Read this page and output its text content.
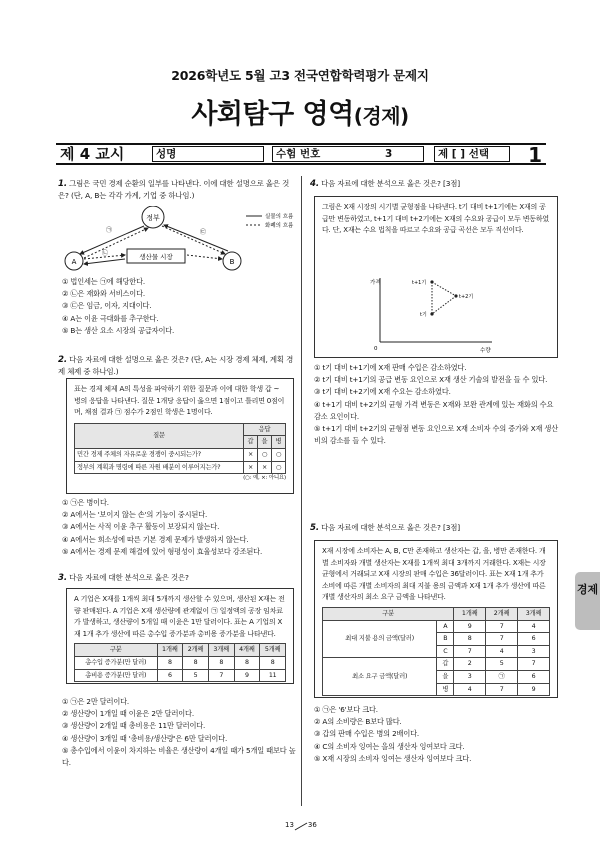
2026학년도 5월 고3 전국연합학력평가 문제지
사회탐구 영역(경제)
제 4 교시	성명	수험 번호	3	제 [ ] 선택	1
1. 그림은 국민 경제 순환의 일부를 나타낸다. 이에 대한 설명으로 옳은 것은? (단, A, B는 각각 가계, 기업 중 하나임.)
정부
A	B
생산물 시장
㉠
㉡
㉢
실물의 흐름
화폐의 흐름
① 법인세는 ㉠에 해당한다.
② ㉡은 재화와 서비스이다.
③ ㉢은 임금, 이자, 지대이다.
④ A는 이윤 극대화를 추구한다.
⑤ B는 생산 요소 시장의 공급자이다.
2. 다음 자료에 대한 설명으로 옳은 것은? (단, A는 시장 경제 체제, 계획 경제 체제 중 하나임.)
표는 경제 체제 A의 특성을 파악하기 위한 질문과 이에 대한 학생 갑 ~ 병의 응답을 나타낸다. 질문 1개당 응답이 옳으면 1점이고 틀리면 0점이며, 채점 결과 ㉠ 점수가 2점인 학생은 1명이다.
질문	응답		
	갑	을	병
민간 경제 주체의 자유로운 경쟁이 중시되는가?	×	○	○
정부의 계획과 명령에 따른 자원 배분이 이루어지는가?	×	×	○
(○: 예, ×: 아니요)
① ㉠은 병이다.
② A에서는 '보이지 않는 손'의 기능이 중시된다.
③ A에서는 사적 이윤 추구 활동이 보장되지 않는다.
④ A에서는 희소성에 따른 기본 경제 문제가 발생하지 않는다.
⑤ A에서는 경제 문제 해결에 있어 형평성이 효율성보다 강조된다.
3. 다음 자료에 대한 분석으로 옳은 것은?
A 기업은 X재를 1개씩 최대 5개까지 생산할 수 있으며, 생산된 X재는 전량 판매된다. A 기업은 X재 생산량에 관계없이 ㉠ 일정액의 공장 임차료가 발생하고, 생산량이 5개일 때 이윤은 1만 달러이다. 표는 A 기업의 X재 1개 추가 생산에 따른 총수입 증가분과 총비용 증가분을 나타낸다.
구분	1개째	2개째	3개째	4개째	5개째
총수입 증가분(만 달러)	8	8	8	8	8
총비용 증가분(만 달러)	6	5	7	9	11
① ㉠은 2만 달러이다.
② 생산량이 1개일 때 이윤은 2만 달러이다.
③ 생산량이 2개일 때 총비용은 11만 달러이다.
④ 생산량이 3개일 때 '총비용/생산량'은 6만 달러이다.
⑤ 총수입에서 이윤이 차지하는 비율은 생산량이 4개일 때가 5개일 때보다 높다.
4. 다음 자료에 대한 분석으로 옳은 것은? [3점]
그림은 X재 시장의 시기별 균형점을 나타낸다. t기 대비 t+1기에는 X재의 공급만 변동하였고, t+1기 대비 t+2기에는 X재의 수요와 공급이 모두 변동하였다. 단, X재는 수요 법칙을 따르고 수요와 공급 곡선은 모두 직선이다.
가격
수량
0
t+1기
t+2기
t기
① t기 대비 t+1기에 X재 판매 수입은 감소하였다.
② t기 대비 t+1기의 공급 변동 요인으로 X재 생산 기술의 발전을 들 수 있다.
③ t기 대비 t+2기에 X재 수요는 감소하였다.
④ t+1기 대비 t+2기의 균형 가격 변동은 X재와 보완 관계에 있는 재화의 수요 감소 요인이다.
⑤ t+1기 대비 t+2기의 균형점 변동 요인으로 X재 소비자 수의 증가와 X재 생산비의 감소를 들 수 있다.
5. 다음 자료에 대한 분석으로 옳은 것은? [3점]
X재 시장에 소비자는 A, B, C만 존재하고 생산자는 갑, 을, 병만 존재한다. 개별 소비자와 개별 생산자는 X재를 1개씩 최대 3개까지 거래한다. X재는 시장 균형에서 거래되고 X재 시장의 판매 수입은 36달러이다. 표는 X재 1개 추가 소비에 따른 개별 소비자의 최대 지불 용의 금액과 X재 1개 추가 생산에 따른 개별 생산자의 최소 요구 금액을 나타낸다.
구분		1개째	2개째	3개째
최대 지불 용의 금액(달러)	A	9	7	4
	B	8	7	6
	C	7	4	3
최소 요구 금액(달러)	갑	2	5	7
	을	3	㉠	6
	병	4	7	9
① ㉠은 '6'보다 크다.
② A의 소비량은 B보다 많다.
③ 갑의 판매 수입은 병의 2배이다.
④ C의 소비자 잉여는 을의 생산자 잉여보다 크다.
⑤ X재 시장의 소비자 잉여는 생산자 잉여보다 크다.
경제
13 36
